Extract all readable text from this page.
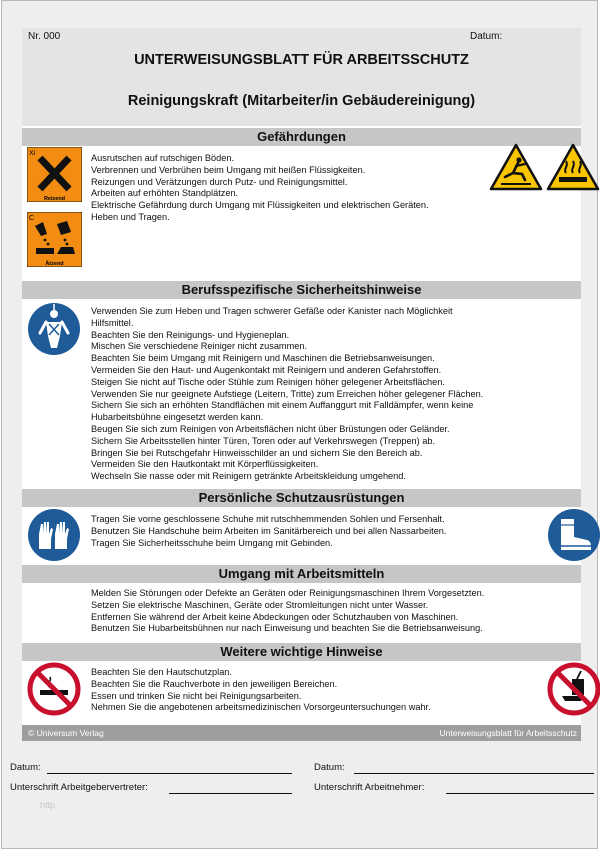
Nr. 000	Datum:
UNTERWEISUNGSBLATT FÜR ARBEITSSCHUTZ
Reinigungskraft (Mitarbeiter/in Gebäudereinigung)
Gefährdungen
Xi
Reizend
C
Ätzend
Ausrutschen auf rutschigen Böden.
Verbrennen und Verbrühen beim Umgang mit heißen Flüssigkeiten.
Reizungen und Verätzungen durch Putz- und Reinigungsmittel.
Arbeiten auf erhöhten Standplätzen.
Elektrische Gefährdung durch Umgang mit Flüssigkeiten und elektrischen Geräten.
Heben und Tragen.
Berufsspezifische Sicherheitshinweise
Verwenden Sie zum Heben und Tragen schwerer Gefäße oder Kanister nach Möglichkeit
Hilfsmittel.
Beachten Sie den Reinigungs- und Hygieneplan.
Mischen Sie verschiedene Reiniger nicht zusammen.
Beachten Sie beim Umgang mit Reinigern und Maschinen die Betriebsanweisungen.
Vermeiden Sie den Haut- und Augenkontakt mit Reinigern und anderen Gefahrstoffen.
Steigen Sie nicht auf Tische oder Stühle zum Reinigen höher gelegener Arbeitsflächen.
Verwenden Sie nur geeignete Aufstiege (Leitern, Tritte) zum Erreichen höher gelegener Flächen.
Sichern Sie sich an erhöhten Standflächen mit einem Auffanggurt mit Falldämpfer, wenn keine
Hubarbeitsbühne eingesetzt werden kann.
Beugen Sie sich zum Reinigen von Arbeitsflächen nicht über Brüstungen oder Geländer.
Sichern Sie Arbeitsstellen hinter Türen, Toren oder auf Verkehrswegen (Treppen) ab.
Bringen Sie bei Rutschgefahr Hinweisschilder an und sichern Sie den Bereich ab.
Vermeiden Sie den Hautkontakt mit Körperflüssigkeiten.
Wechseln Sie nasse oder mit Reinigern getränkte Arbeitskleidung umgehend.
Persönliche Schutzausrüstungen
Tragen Sie vorne geschlossene Schuhe mit rutschhemmenden Sohlen und Fersenhalt.
Benutzen Sie Handschuhe beim Arbeiten im Sanitärbereich und bei allen Nassarbeiten.
Tragen Sie Sicherheitsschuhe beim Umgang mit Gebinden.
Umgang mit Arbeitsmitteln
Melden Sie Störungen oder Defekte an Geräten oder Reinigungsmaschinen Ihrem Vorgesetzten.
Setzen Sie elektrische Maschinen, Geräte oder Stromleitungen nicht unter Wasser.
Entfernen Sie während der Arbeit keine Abdeckungen oder Schutzhauben von Maschinen.
Benutzen Sie Hubarbeitsbühnen nur nach Einweisung und beachten Sie die Betriebsanweisung.
Weitere wichtige Hinweise
Beachten Sie den Hautschutzplan.
Beachten Sie die Rauchverbote in den jeweiligen Bereichen.
Essen und trinken Sie nicht bei Reinigungsarbeiten.
Nehmen Sie die angebotenen arbeitsmedizinischen Vorsorgeuntersuchungen wahr.
© Universum Verlag	Unterweisungsblatt für Arbeitsschutz
Datum:	Datum:
Unterschrift Arbeitgebervertreter:	Unterschrift Arbeitnehmer:
http
